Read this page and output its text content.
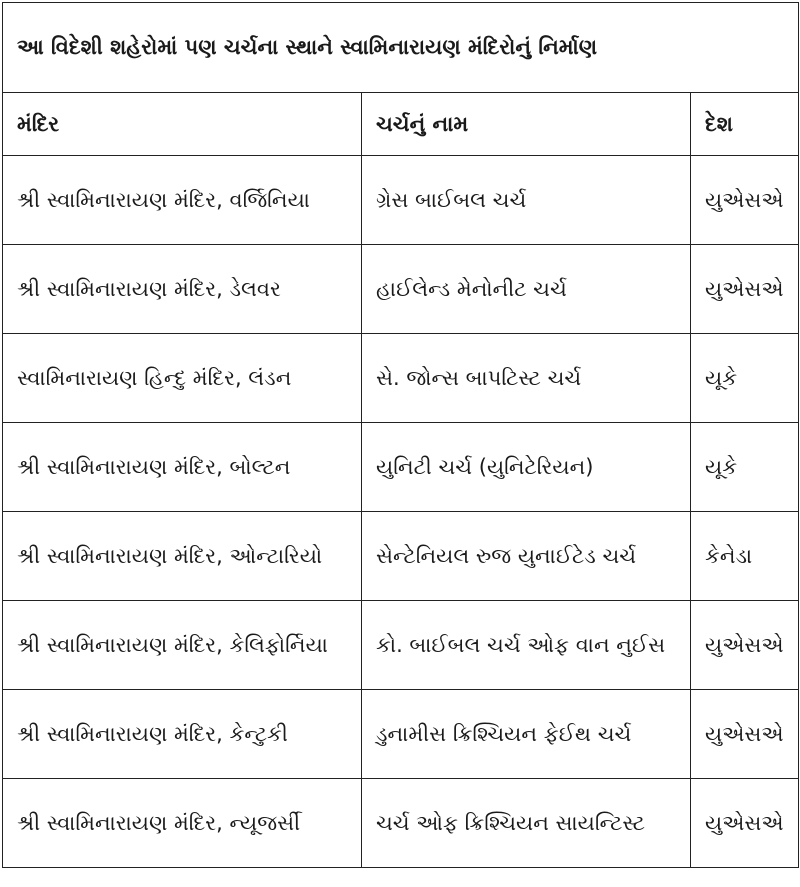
આ વિદેશી શહેરોમાં પણ ચર્ચના સ્થાને સ્વામિનારાયણ મંદિરોનું નિર્માણ		
મંદિર	ચર્ચનું નામ	દેશ
શ્રી સ્વામિનારાયણ મંદિર, વર્જિનિયા	ગ્રેસ બાઈબલ ચર્ચ	યુએસએ
શ્રી સ્વામિનારાયણ મંદિર, ડેલવર	હાઈલેન્ડ મેનોનીટ ચર્ચ	યુએસએ
સ્વામિનારાયણ હિન્દુ મંદિર, લંડન	સે. જોન્સ બાપટિસ્ટ ચર્ચ	યૂકે
શ્રી સ્વામિનારાયણ મંદિર, બોલ્ટન	યુનિટી ચર્ચ (યુનિટેરિયન)	યૂકે
શ્રી સ્વામિનારાયણ મંદિર, ઓન્ટારિયો	સેન્ટેનિયલ રુજ યુનાઈટેડ ચર્ચ	કેનેડા
શ્રી સ્વામિનારાયણ મંદિર, કેલિફોર્નિયા	કો. બાઈબલ ચર્ચ ઓફ વાન નુઈસ	યુએસએ
શ્રી સ્વામિનારાયણ મંદિર, કેન્ટુકી	ડુનામીસ ક્રિશ્ચિયન ફેઈથ ચર્ચ	યુએસએ
શ્રી સ્વામિનારાયણ મંદિર, ન્યૂજર્સી	ચર્ચ ઓફ ક્રિશ્ચિયન સાયન્ટિસ્ટ	યુએસએ
